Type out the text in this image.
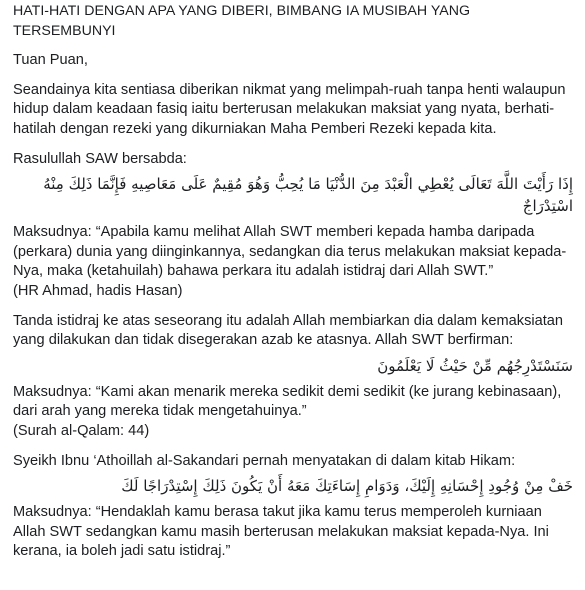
HATI-HATI DENGAN APA YANG DIBERI, BIMBANG IA MUSIBAH YANG TERSEMBUNYI

Tuan Puan,

Seandainya kita sentiasa diberikan nikmat yang melimpah-ruah tanpa henti walaupun hidup dalam keadaan fasiq iaitu berterusan melakukan maksiat yang nyata, berhati-hatilah dengan rezeki yang dikurniakan Maha Pemberi Rezeki kepada kita.

Rasulullah SAW bersabda:

إِذَا رَأَيْتَ اللَّهَ تَعَالَى يُعْطِي الْعَبْدَ مِنَ الدُّنْيَا مَا يُحِبُّ وَهُوَ مُقِيمٌ عَلَى مَعَاصِيهِ فَإِنَّمَا ذَلِكَ مِنْهُ اسْتِدْرَاجٌ

Maksudnya: “Apabila kamu melihat Allah SWT memberi kepada hamba daripada (perkara) dunia yang diinginkannya, sedangkan dia terus melakukan maksiat kepada-Nya, maka (ketahuilah) bahawa perkara itu adalah istidraj dari Allah SWT.”

(HR Ahmad, hadis Hasan)

Tanda istidraj ke atas seseorang itu adalah Allah membiarkan dia dalam kemaksiatan yang dilakukan dan tidak disegerakan azab ke atasnya. Allah SWT berfirman:

سَنَسْتَدْرِجُهُم مِّنْ حَيْثُ لَا يَعْلَمُونَ

Maksudnya: “Kami akan menarik mereka sedikit demi sedikit (ke jurang kebinasaan), dari arah yang mereka tidak mengetahuinya.”

(Surah al-Qalam: 44)

Syeikh Ibnu ‘Athoillah al-Sakandari pernah menyatakan di dalam kitab Hikam:

خَفْ مِنْ وُجُودِ إِحْسَانِهِ إِلَيْكَ، وَدَوَامِ إِسَاءَتِكَ مَعَهُ أَنْ يَكُونَ ذَلِكَ إِسْتِدْرَاجًا لَكَ

Maksudnya: “Hendaklah kamu berasa takut jika kamu terus memperoleh kurniaan Allah SWT sedangkan kamu masih berterusan melakukan maksiat kepada-Nya. Ini kerana, ia boleh jadi satu istidraj.”
